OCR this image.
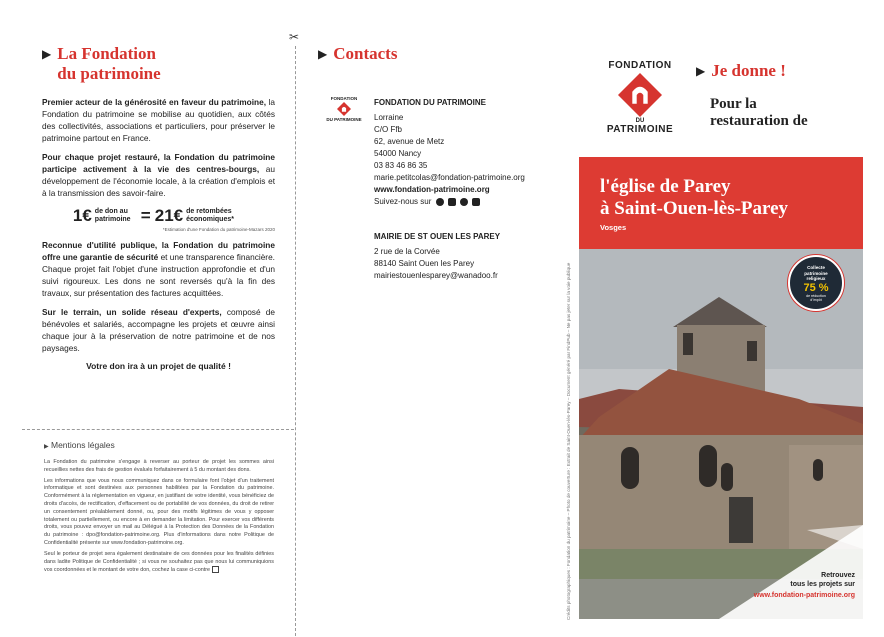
▶ La Fondation
du patrimoine

Premier acteur de la générosité en faveur du patrimoine, la Fondation du patrimoine se mobilise au quotidien, aux côtés des collectivités, associations et particuliers, pour préserver le patrimoine partout en France.

Pour chaque projet restauré, la Fondation du patrimoine participe activement à la vie des centres-bourgs, au développement de l'économie locale, à la création d'emplois et à la transmission des savoir-faire.

1€ de don au patrimoine = 21€ de retombées économiques*
*Estimation d'une Fondation du patrimoine-Mazars 2020

Reconnue d'utilité publique, la Fondation du patrimoine offre une garantie de sécurité et une transparence financière. Chaque projet fait l'objet d'une instruction approfondie et d'un suivi rigoureux. Les dons ne sont reversés qu'à la fin des travaux, sur présentation des factures acquittées.

Sur le terrain, un solide réseau d'experts, composé de bénévoles et salariés, accompagne les projets et œuvre ainsi chaque jour à la préservation de notre patrimoine et de nos paysages.

Votre don ira à un projet de qualité !
✂
▶ Mentions légales

La Fondation du patrimoine s'engage à reverser au porteur de projet les sommes ainsi recueillies nettes des frais de gestion évalués forfaitairement à 5 du montant des dons.

Les informations que vous nous communiquez dans ce formulaire font l'objet d'un traitement informatique et sont destinées aux personnes habilitées par la Fondation du patrimoine. Conformément à la réglementation en vigueur, en justifiant de votre identité, vous bénéficiez de droits d'accès, de rectification, d'effacement ou de portabilité de vos données, du droit de retirer un consentement préalablement donné, ou, pour des motifs légitimes de vous y opposer totalement ou partiellement, ou encore à en demander la limitation. Pour exercer vos différents droits, vous pouvez envoyer un mail au Délégué à la Protection des Données de la Fondation du patrimoine : dpo@fondation-patrimoine.org. Plus d'informations dans notre Politique de Confidentialité présente sur www.fondation-patrimoine.org.

Seul le porteur de projet sera également destinataire de ces données pour les finalités définies dans ladite Politique de Confidentialité ; si vous ne souhaitez pas que nous lui communiquions vos coordonnées et le montant de votre don, cochez la case ci-contre

▶ Contacts
FONDATION
DU PATRIMOINE
FONDATION DU PATRIMOINE
Lorraine
C/O Ffb
62, avenue de Metz
54000 Nancy
03 83 46 86 35
marie.petitcolas@fondation-patrimoine.org
www.fondation-patrimoine.org
Suivez-nous sur
MAIRIE DE ST OUEN LES PAREY
2 rue de la Corvée
88140 Saint Ouen les Parey
mairiestouenlesparey@wanadoo.fr	Crédits photographiques : Fondation du patrimoine – Photo de couverture : Extrait de Saint-Ouen-lès-Parey – Document généré par FindPub – Ne pas jeter sur la voie publique
FONDATION
DU
PATRIMOINE
▶ Je donne !
Pour la
restauration de
l'église de Parey
à Saint-Ouen-lès-Parey
Vosges
Collecte patrimoine religieux
75 %
de réduction d'impôt
Retrouvez
tous les projets sur
www.fondation-patrimoine.org
